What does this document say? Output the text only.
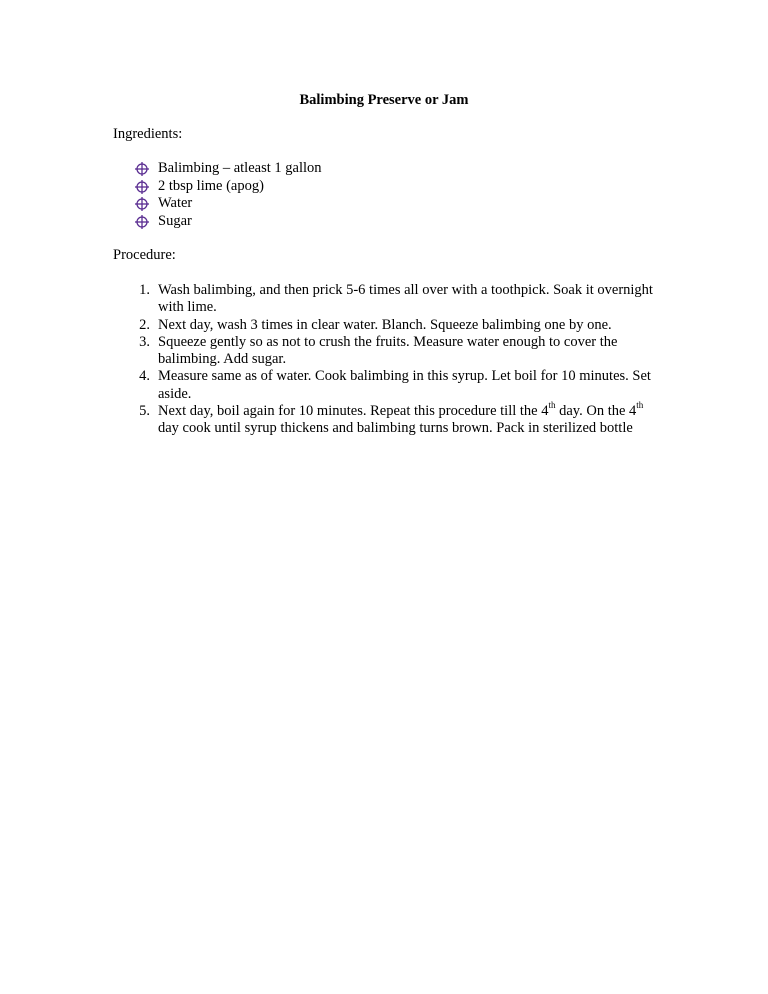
Balimbing Preserve or Jam
Ingredients:
Balimbing – atleast 1 gallon
2 tbsp lime (apog)
Water
Sugar
Procedure:
1. Wash balimbing, and then prick 5-6 times all over with a toothpick. Soak it overnight with lime.
2. Next day, wash 3 times in clear water. Blanch. Squeeze balimbing one by one.
3. Squeeze gently so as not to crush the fruits. Measure water enough to cover the balimbing. Add sugar.
4. Measure same as of water. Cook balimbing in this syrup. Let boil for 10 minutes. Set aside.
5. Next day, boil again for 10 minutes. Repeat this procedure till the 4th day. On the 4th day cook until syrup thickens and balimbing turns brown. Pack in sterilized bottle
